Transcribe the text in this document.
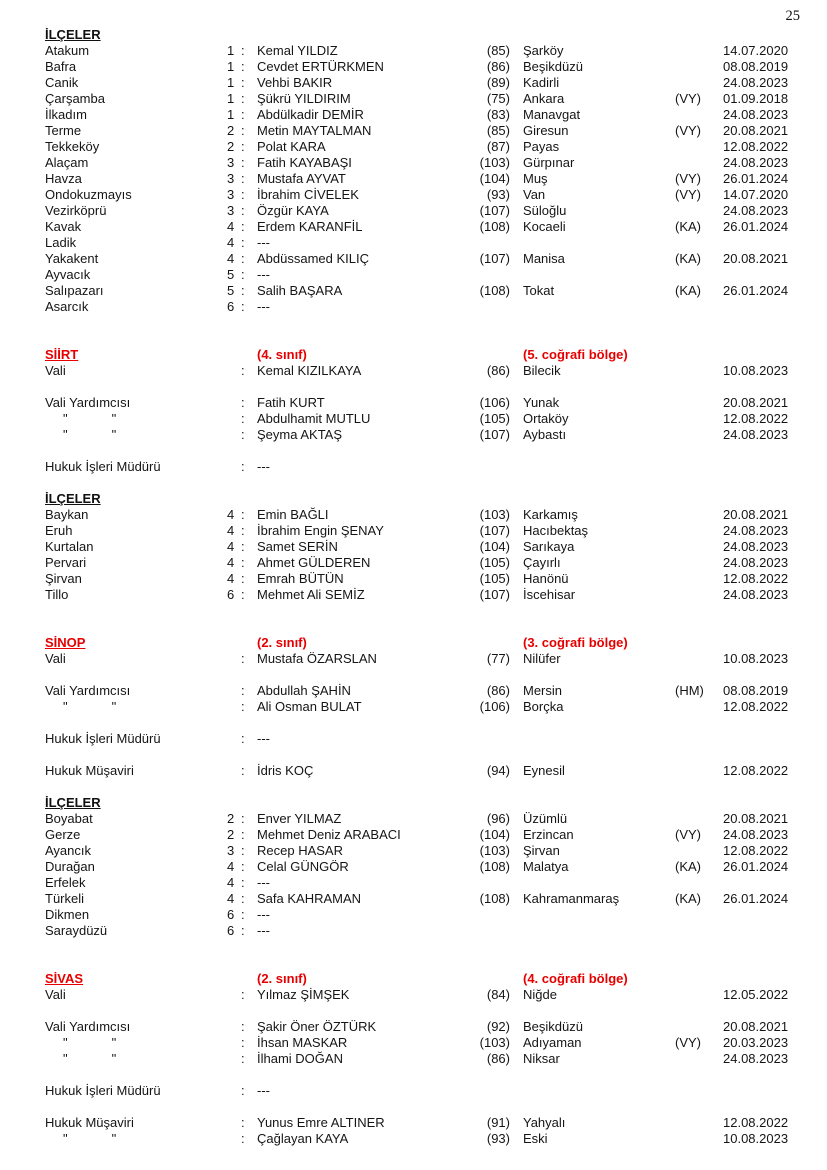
25
İLÇELER
Atakum	1 : Kemal YILDIZ	(85) Şarköy	14.07.2020
Bafra	1 : Cevdet ERTÜRKMEN	(86) Beşikdüzü	08.08.2019
Canik	1 : Vehbi BAKIR	(89) Kadirli	24.08.2023
Çarşamba	1 : Şükrü YILDIRIM	(75) Ankara	(VY)	01.09.2018
İlkadım	1 : Abdülkadir DEMİR	(83) Manavgat	24.08.2023
Terme	2 : Metin MAYTALMAN	(85) Giresun	(VY)	20.08.2021
Tekkeköy	2 : Polat KARA	(87) Payas	12.08.2022
Alaçam	3 : Fatih KAYABAŞI	(103) Gürpınar	24.08.2023
Havza	3 : Mustafa AYVAT	(104) Muş	(VY)	26.01.2024
Ondokuzmayıs	3 : İbrahim CİVELEK	(93) Van	(VY)	14.07.2020
Vezirköprü	3 : Özgür KAYA	(107) Süloğlu	24.08.2023
Kavak	4 : Erdem KARANFİL	(108) Kocaeli	(KA)	26.01.2024
Ladik	4 : ---
Yakakent	4 : Abdüssamed KILIÇ	(107) Manisa	(KA)	20.08.2021
Ayvacık	5 : ---
Salıpazarı	5 : Salih BAŞARA	(108) Tokat	(KA)	26.01.2024
Asarcık	6 : ---
SİİRT	(4. sınıf)	(5. coğrafi bölge)
Vali	: Kemal KIZILKAYA	(86) Bilecik	10.08.2023
Vali Yardımcısı	: Fatih KURT	(106) Yunak	20.08.2021
"	"	: Abdulhamit MUTLU	(105) Ortaköy	12.08.2022
"	"	: Şeyma AKTAŞ	(107) Aybastı	24.08.2023
Hukuk İşleri Müdürü	: ---
İLÇELER
Baykan	4 : Emin BAĞLI	(103) Karkamış	20.08.2021
Eruh	4 : İbrahim Engin ŞENAY	(107) Hacıbektaş	24.08.2023
Kurtalan	4 : Samet SERİN	(104) Sarıkaya	24.08.2023
Pervari	4 : Ahmet GÜLDEREN	(105) Çayırlı	24.08.2023
Şirvan	4 : Emrah BÜTÜN	(105) Hanönü	12.08.2022
Tillo	6 : Mehmet Ali SEMİZ	(107) İscehisar	24.08.2023
SİNOP	(2. sınıf)	(3. coğrafi bölge)
Vali	: Mustafa ÖZARSLAN	(77) Nilüfer	10.08.2023
Vali Yardımcısı	: Abdullah ŞAHİN	(86) Mersin	(HM)	08.08.2019
"	"	: Ali Osman BULAT	(106) Borçka	12.08.2022
Hukuk İşleri Müdürü	: ---
Hukuk Müşaviri	: İdris KOÇ	(94) Eynesil	12.08.2022
İLÇELER
Boyabat	2 : Enver YILMAZ	(96) Üzümlü	20.08.2021
Gerze	2 : Mehmet Deniz ARABACI	(104) Erzincan	(VY)	24.08.2023
Ayancık	3 : Recep HASAR	(103) Şirvan	12.08.2022
Durağan	4 : Celal GÜNGÖR	(108) Malatya	(KA)	26.01.2024
Erfelek	4 : ---
Türkeli	4 : Safa KAHRAMAN	(108) Kahramanmaraş	(KA)	26.01.2024
Dikmen	6 : ---
Saraydüzü	6 : ---
SİVAS	(2. sınıf)	(4. coğrafi bölge)
Vali	: Yılmaz ŞİMŞEK	(84) Niğde	12.05.2022
Vali Yardımcısı	: Şakir Öner ÖZTÜRK	(92) Beşikdüzü	20.08.2021
"	"	: İhsan MASKAR	(103) Adıyaman	(VY)	20.03.2023
"	"	: İlhami DOĞAN	(86) Niksar	24.08.2023
Hukuk İşleri Müdürü	: ---
Hukuk Müşaviri	: Yunus Emre ALTINER	(91) Yahyalı	12.08.2022
"	"	: Çağlayan KAYA	(93) Eski	10.08.2023
